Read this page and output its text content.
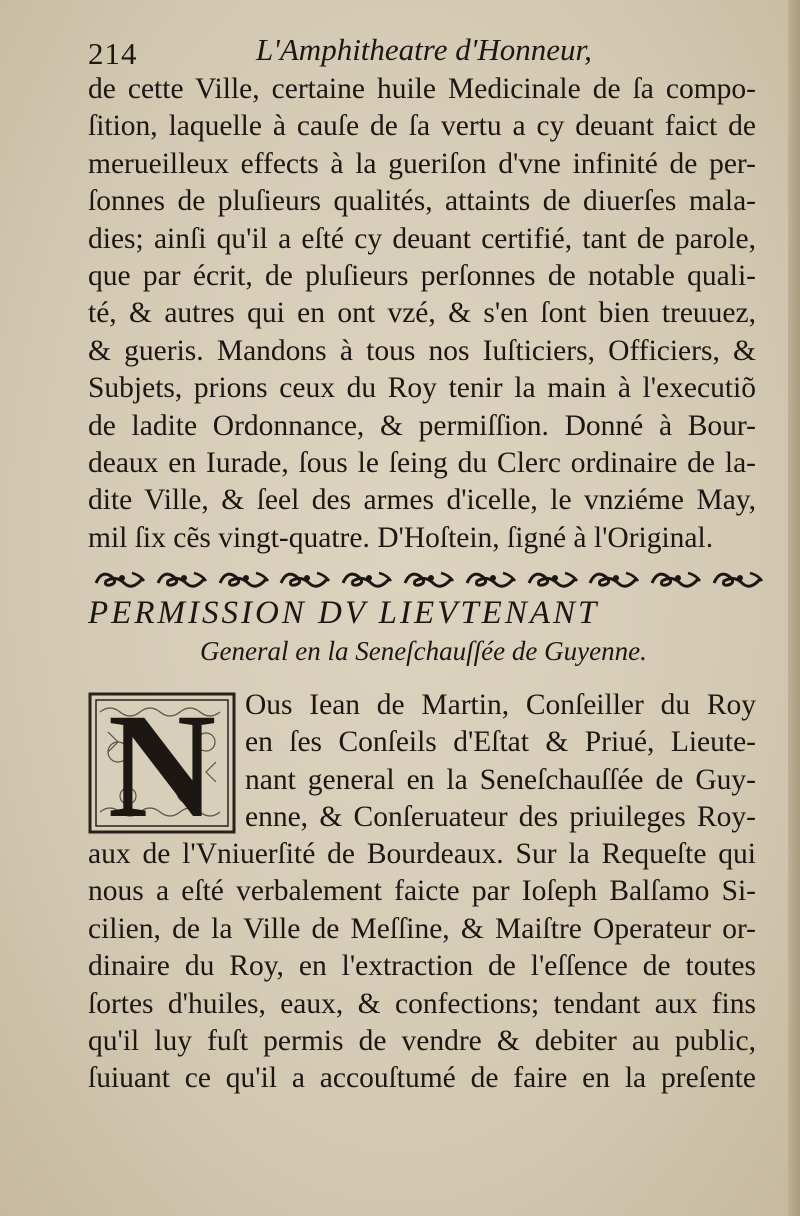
214	L'Amphitheatre d'Honneur,
de cette Ville, certaine huile Medicinale de ſa compo-
ſition, laquelle à cauſe de ſa vertu a cy deuant faict de
merueilleux effects à la gueriſon d'vne infinité de per-
ſonnes de pluſieurs qualités, attaints de diuerſes mala-
dies; ainſi qu'il a eſté cy deuant certifié, tant de parole,
que par écrit, de pluſieurs perſonnes de notable quali-
té, & autres qui en ont vzé, & s'en ſont bien treuuez,
& gueris. Mandons à tous nos Iuſticiers, Officiers, &
Subjets, prions ceux du Roy tenir la main à l'executiõ
de ladite Ordonnance, & permiſſion. Donné à Bour-
deaux en Iurade, ſous le ſeing du Clerc ordinaire de la-
dite Ville, & ſeel des armes d'icelle, le vnziéme May,
mil ſix cẽs vingt-quatre. D'Hoſtein, ſigné à l'Original.
PERMISSION DV LIEVTENANT
General en la Seneſchauſſée de Guyenne.
N Ous Iean de Martin, Conſeiller du Roy
en ſes Conſeils d'Eſtat & Priué, Lieute-
nant general en la Seneſchauſſée de Guy-
enne, & Conſeruateur des priuileges Roy-
aux de l'Vniuerſité de Bourdeaux. Sur la Requeſte qui
nous a eſté verbalement faicte par Ioſeph Balſamo Si-
cilien, de la Ville de Meſſine, & Maiſtre Operateur or-
dinaire du Roy, en l'extraction de l'eſſence de toutes
ſortes d'huiles, eaux, & confections; tendant aux fins
qu'il luy fuſt permis de vendre & debiter au public,
ſuiuant ce qu'il a accouſtumé de faire en la preſente
